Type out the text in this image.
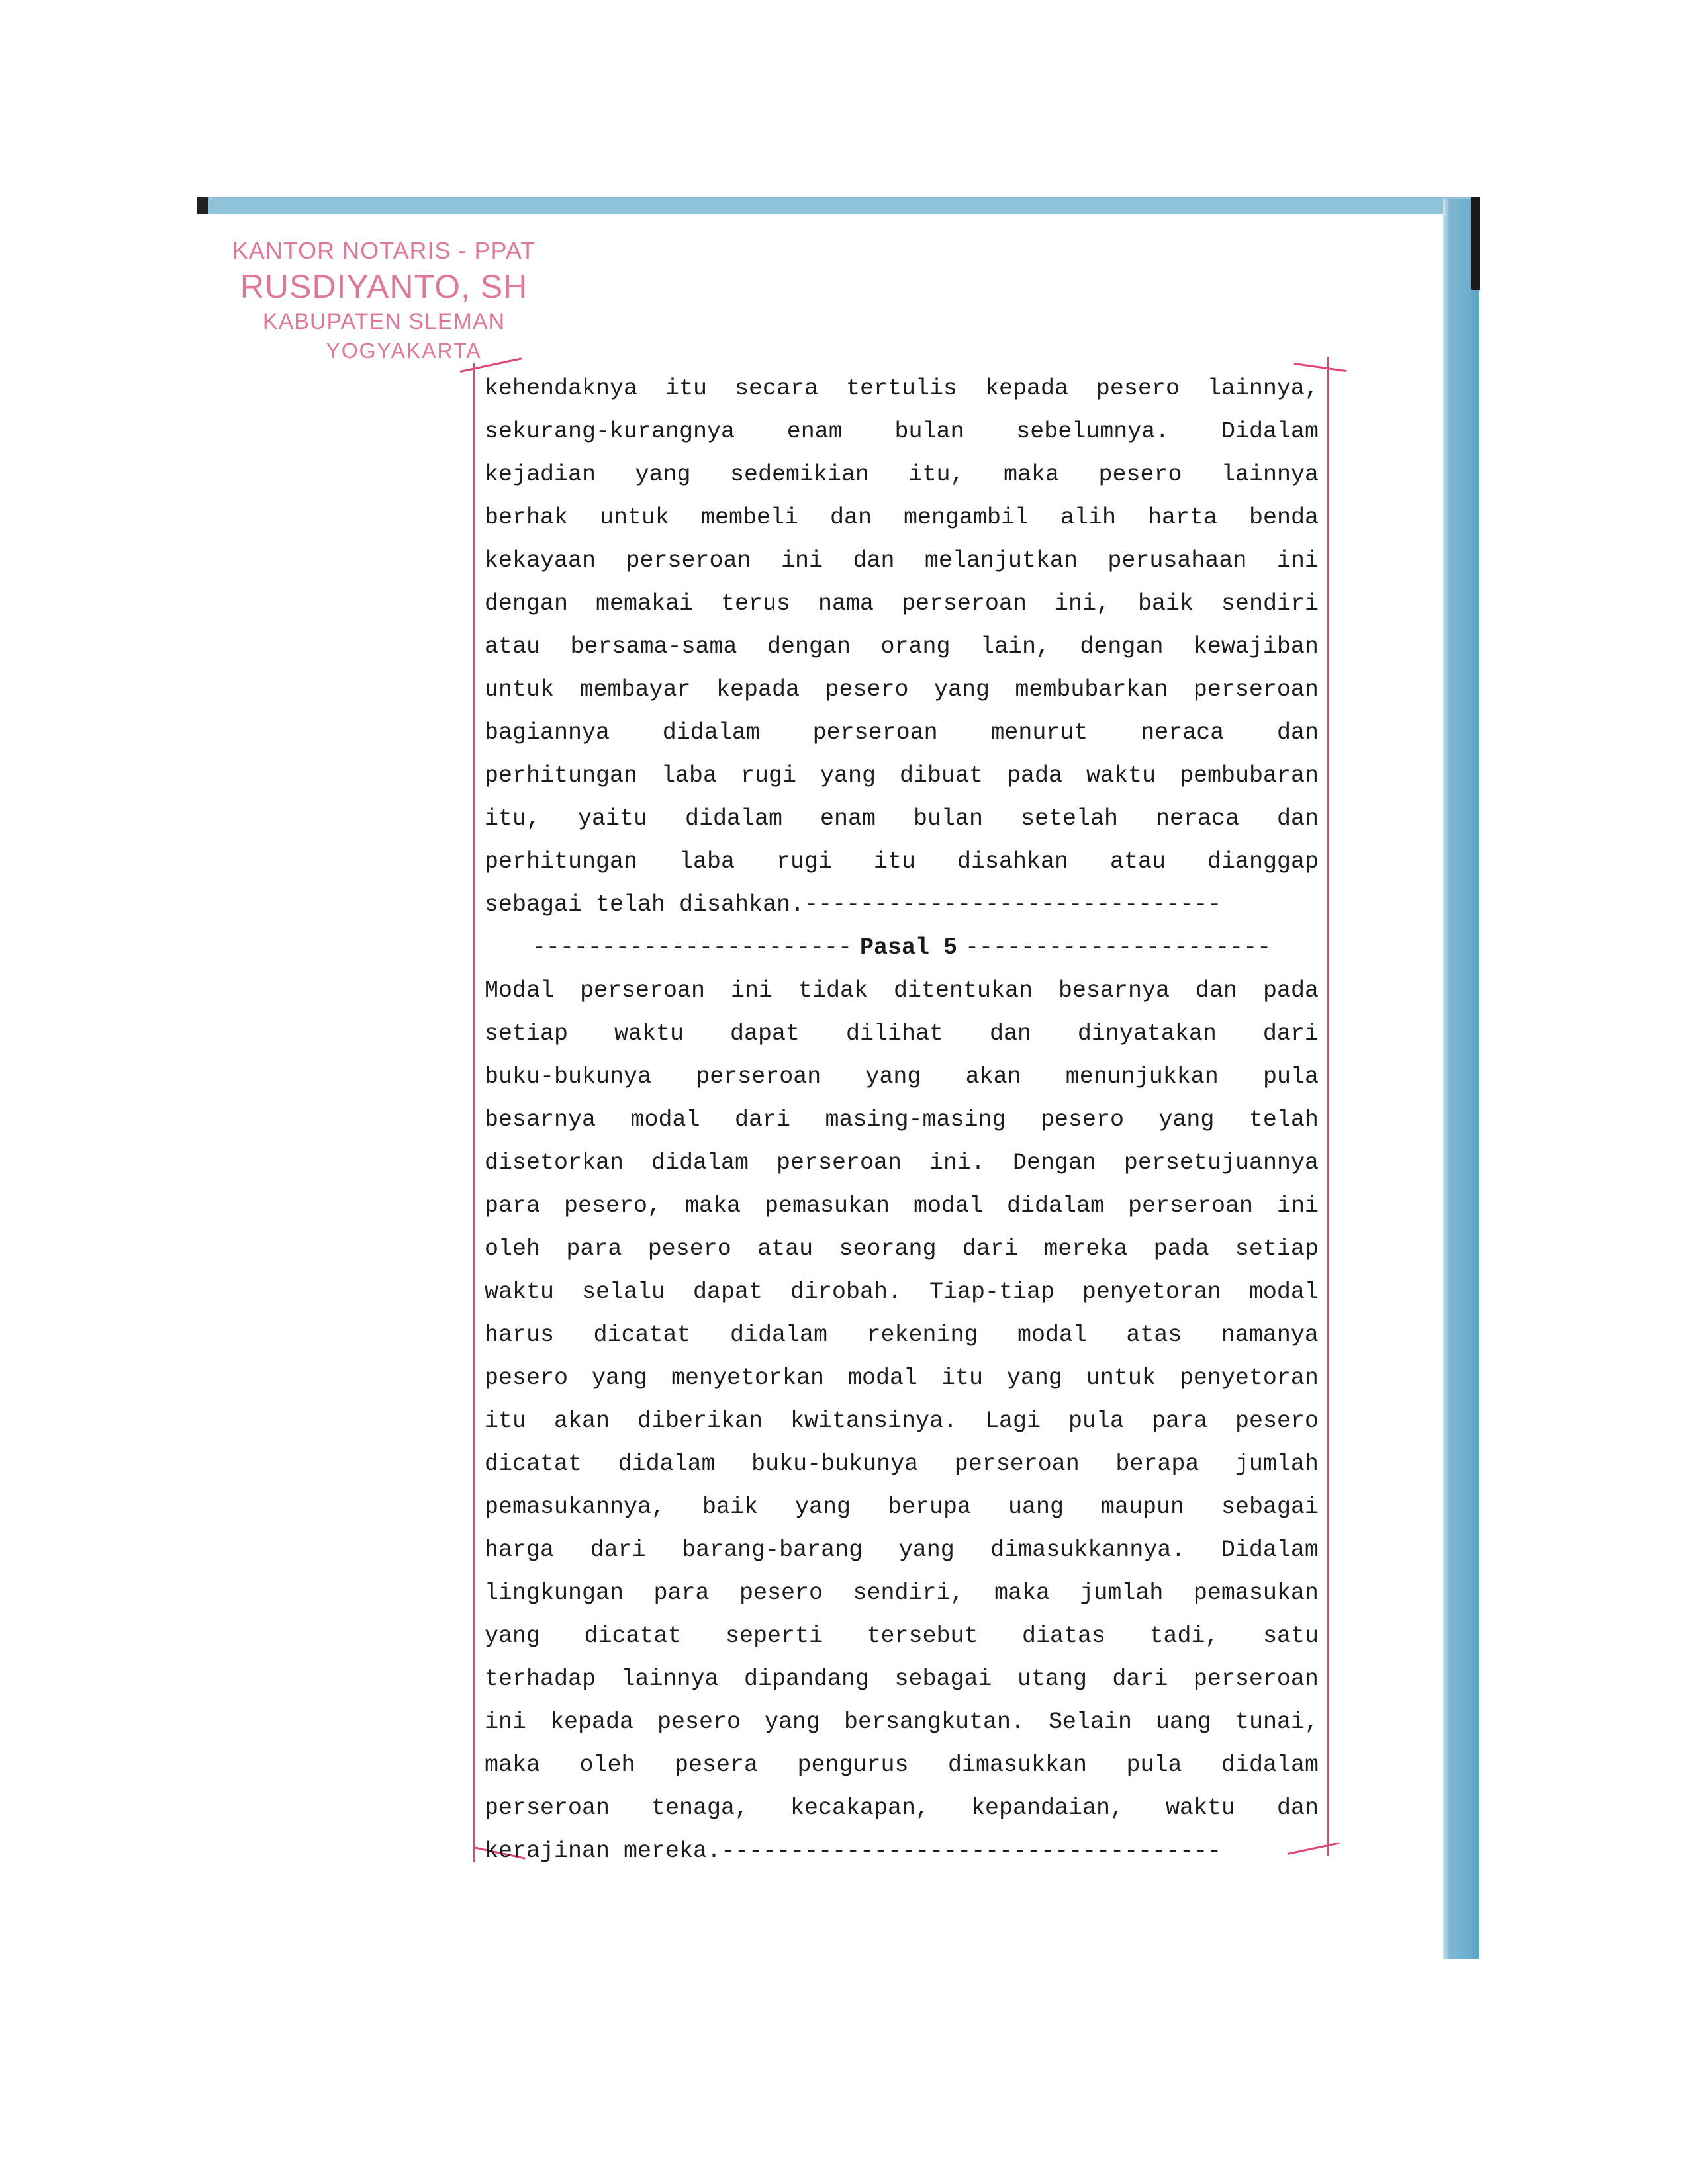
KANTOR NOTARIS - PPAT
RUSDIYANTO, SH
KABUPATEN SLEMAN
YOGYAKARTA
kehendaknya itu secara tertulis kepada pesero lainnya,
sekurang-kurangnya enam bulan sebelumnya. Didalam
kejadian yang sedemikian itu, maka pesero lainnya
berhak untuk membeli dan mengambil alih harta benda
kekayaan perseroan ini dan melanjutkan perusahaan ini
dengan memakai terus nama perseroan ini, baik sendiri
atau bersama-sama dengan orang lain, dengan kewajiban
untuk membayar kepada pesero yang membubarkan perseroan
bagiannya didalam perseroan menurut neraca dan
perhitungan laba rugi yang dibuat pada waktu pembubaran
itu, yaitu didalam enam bulan setelah neraca dan
perhitungan laba rugi itu disahkan atau dianggap
sebagai telah disahkan. ------------------------------
----------------------- Pasal 5 ----------------------
Modal perseroan ini tidak ditentukan besarnya dan pada
setiap waktu dapat dilihat dan dinyatakan dari
buku-bukunya perseroan yang akan menunjukkan pula
besarnya modal dari masing-masing pesero yang telah
disetorkan didalam perseroan ini. Dengan persetujuannya
para pesero, maka pemasukan modal didalam perseroan ini
oleh para pesero atau seorang dari mereka pada setiap
waktu selalu dapat dirobah. Tiap-tiap penyetoran modal
harus dicatat didalam rekening modal atas namanya
pesero yang menyetorkan modal itu yang untuk penyetoran
itu akan diberikan kwitansinya. Lagi pula para pesero
dicatat didalam buku-bukunya perseroan berapa jumlah
pemasukannya, baik yang berupa uang maupun sebagai
harga dari barang-barang yang dimasukkannya. Didalam
lingkungan para pesero sendiri, maka jumlah pemasukan
yang dicatat seperti tersebut diatas tadi, satu
terhadap lainnya dipandang sebagai utang dari perseroan
ini kepada pesero yang bersangkutan. Selain uang tunai,
maka oleh pesera pengurus dimasukkan pula didalam
perseroan tenaga, kecakapan, kepandaian, waktu dan
kerajinan mereka. ------------------------------------
